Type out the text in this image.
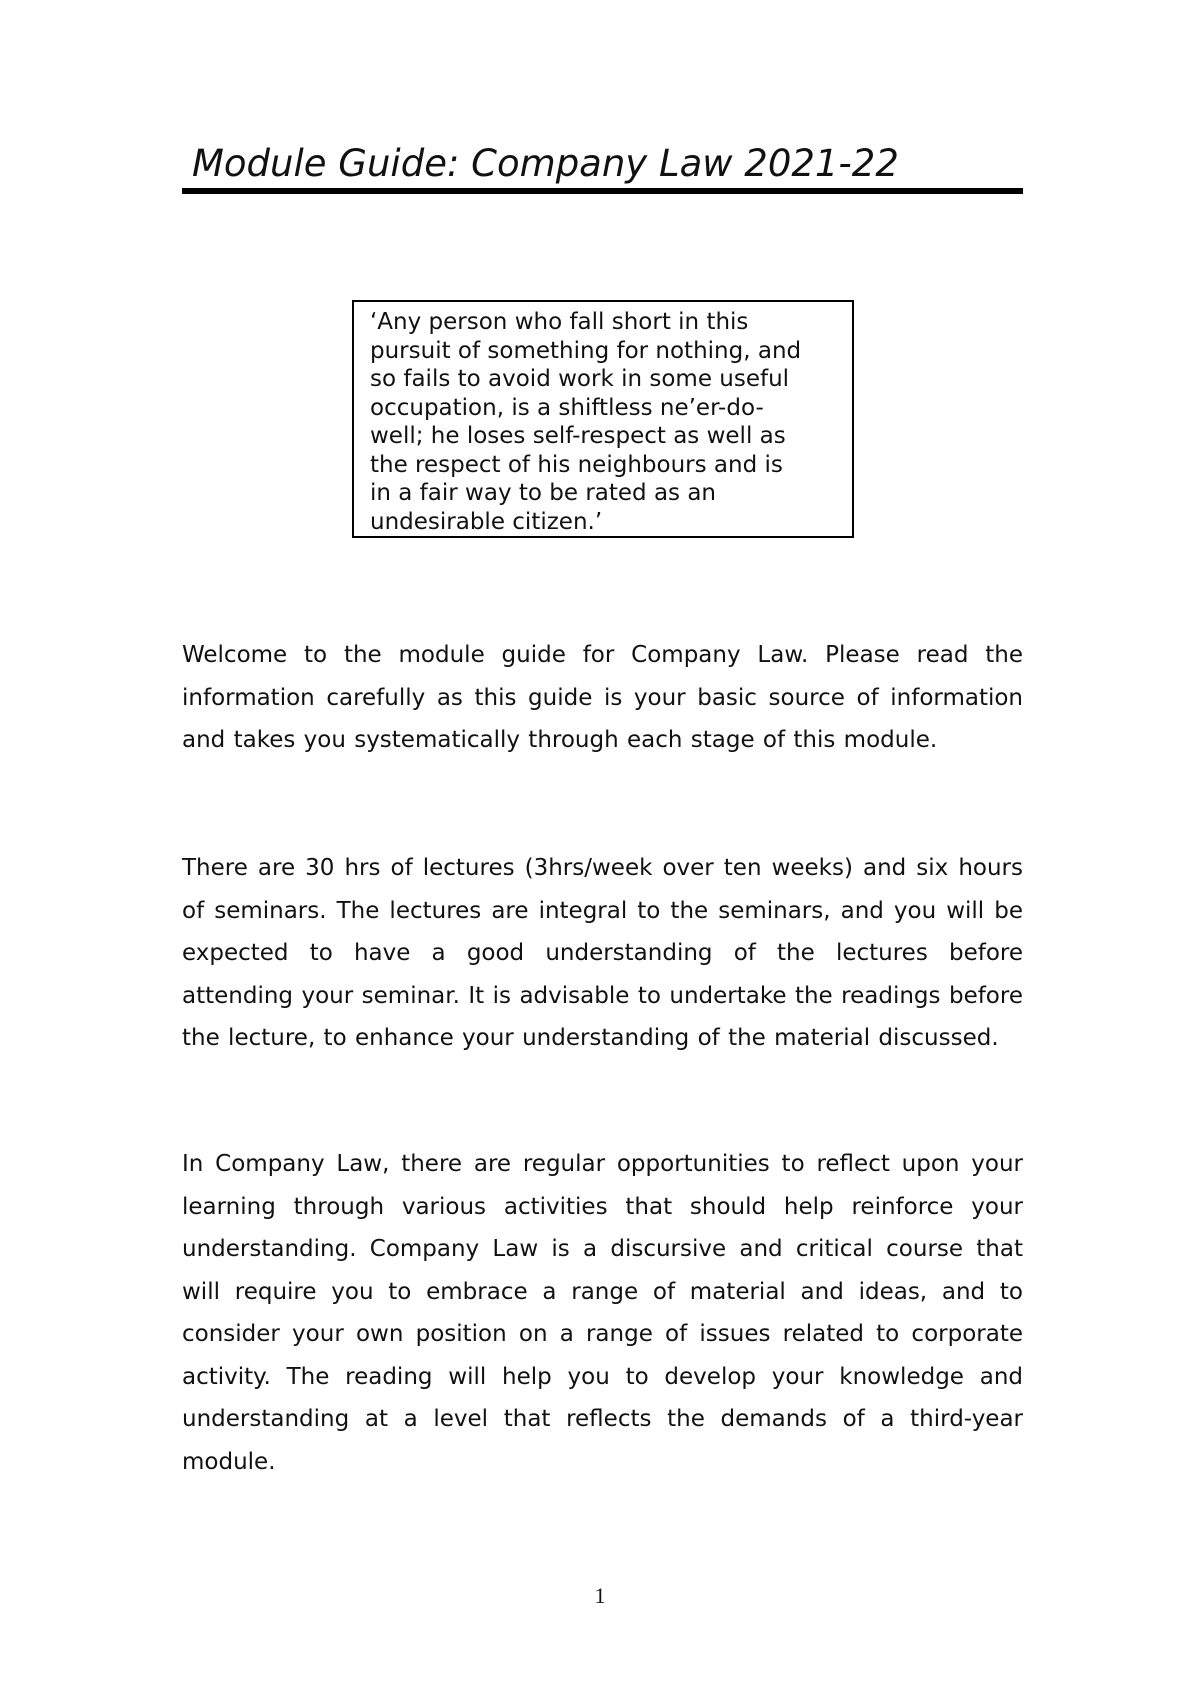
Module Guide: Company Law 2021-22
‘Any person who fall short in this
pursuit of something for nothing, and
so fails to avoid work in some useful
occupation, is a shiftless ne’er-do-
well; he loses self-respect as well as
the respect of his neighbours and is
in a fair way to be rated as an
undesirable citizen.’

Welcome to the module guide for Company Law. Please read the information carefully as this guide is your basic source of information and takes you systematically through each stage of this module.

There are 30 hrs of lectures (3hrs/week over ten weeks) and six hours of seminars. The lectures are integral to the seminars, and you will be expected to have a good understanding of the lectures before attending your seminar. It is advisable to undertake the readings before the lecture, to enhance your understanding of the material discussed.

In Company Law, there are regular opportunities to reflect upon your learning through various activities that should help reinforce your understanding. Company Law is a discursive and critical course that will require you to embrace a range of material and ideas, and to consider your own position on a range of issues related to corporate activity. The reading will help you to develop your knowledge and understanding at a level that reflects the demands of a third-year module.

1
